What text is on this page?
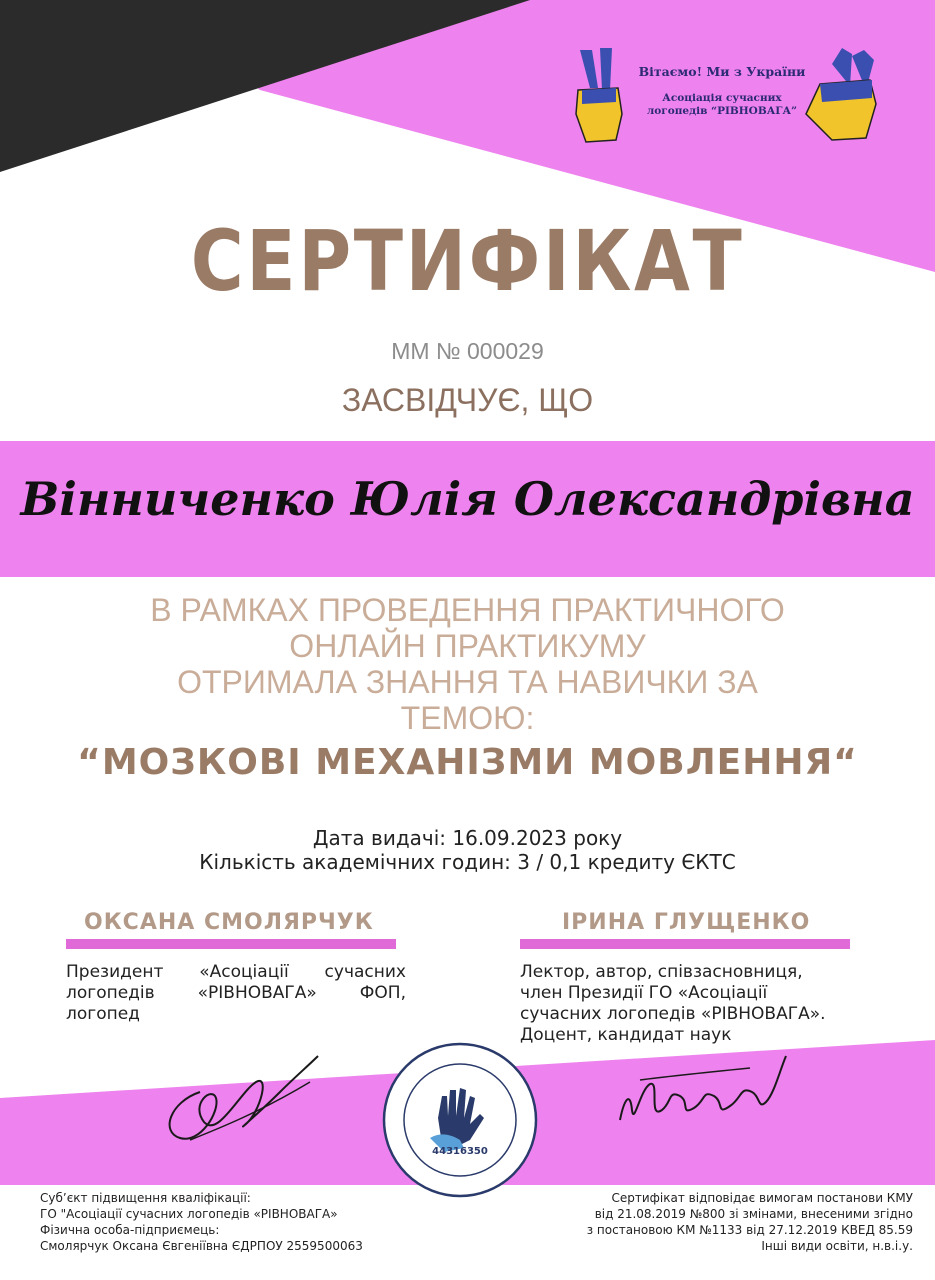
Вітаємо! Ми з України
Асоціація сучасних
логопедів “РІВНОВАГА”
СЕРТИФІКАТ
ММ № 000029
ЗАСВІДЧУЄ, ЩО
Вінниченко Юлія Олександрівна
В РАМКАХ ПРОВЕДЕННЯ ПРАКТИЧНОГО
ОНЛАЙН ПРАКТИКУМУ
ОТРИМАЛА ЗНАННЯ ТА НАВИЧКИ ЗА
ТЕМОЮ:
“МОЗКОВІ МЕХАНІЗМИ МОВЛЕННЯ“
Дата видачі: 16.09.2023 року
Кількість академічних годин: 3 / 0,1 кредиту ЄКТС
ОКСАНА СМОЛЯРЧУК
Президент «Асоціації сучасних логопедів «РІВНОВАГА» ФОП, логопед
ІРИНА ГЛУЩЕНКО
Лектор, автор, співзасновниця,
член Президії ГО «Асоціації
сучасних логопедів «РІВНОВАГА».
Доцент, кандидат наук
44316350
Суб’єкт підвищення кваліфікації:
ГО "Асоціації сучасних логопедів «РІВНОВАГА»
Фізична особа-підприємець:
Смолярчук Оксана Євгеніївна ЄДРПОУ 2559500063
Сертифікат відповідає вимогам постанови КМУ
від 21.08.2019 №800 зі змінами, внесеними згідно
з постановою КМ №1133 від 27.12.2019 КВЕД 85.59
Інші види освіти, н.в.і.у.
